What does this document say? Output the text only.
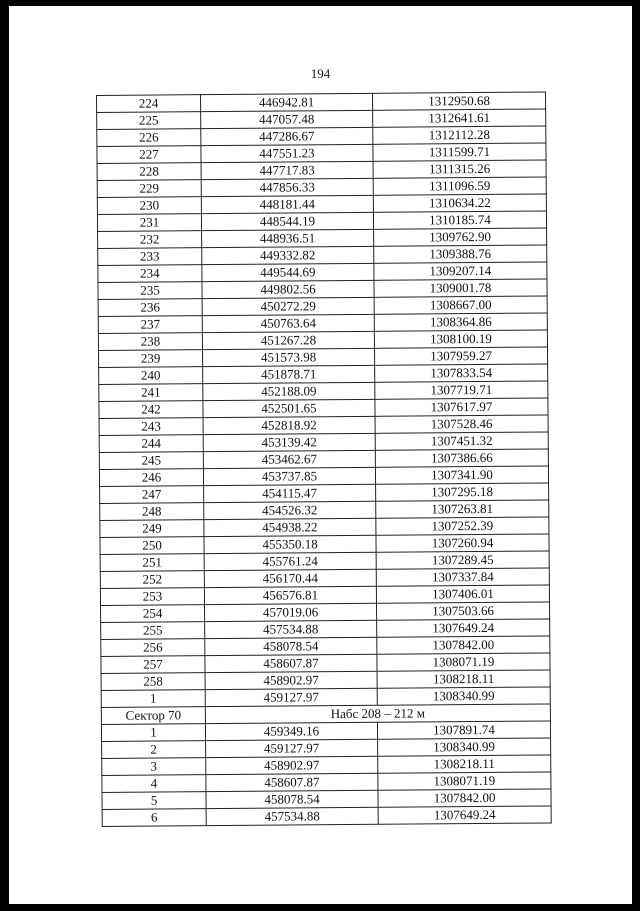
194
224	446942.81	1312950.68
225	447057.48	1312641.61
226	447286.67	1312112.28
227	447551.23	1311599.71
228	447717.83	1311315.26
229	447856.33	1311096.59
230	448181.44	1310634.22
231	448544.19	1310185.74
232	448936.51	1309762.90
233	449332.82	1309388.76
234	449544.69	1309207.14
235	449802.56	1309001.78
236	450272.29	1308667.00
237	450763.64	1308364.86
238	451267.28	1308100.19
239	451573.98	1307959.27
240	451878.71	1307833.54
241	452188.09	1307719.71
242	452501.65	1307617.97
243	452818.92	1307528.46
244	453139.42	1307451.32
245	453462.67	1307386.66
246	453737.85	1307341.90
247	454115.47	1307295.18
248	454526.32	1307263.81
249	454938.22	1307252.39
250	455350.18	1307260.94
251	455761.24	1307289.45
252	456170.44	1307337.84
253	456576.81	1307406.01
254	457019.06	1307503.66
255	457534.88	1307649.24
256	458078.54	1307842.00
257	458607.87	1308071.19
258	458902.97	1308218.11
1	459127.97	1308340.99
Сектор 70	Набс 208 – 212 м	
1	459349.16	1307891.74
2	459127.97	1308340.99
3	458902.97	1308218.11
4	458607.87	1308071.19
5	458078.54	1307842.00
6	457534.88	1307649.24
